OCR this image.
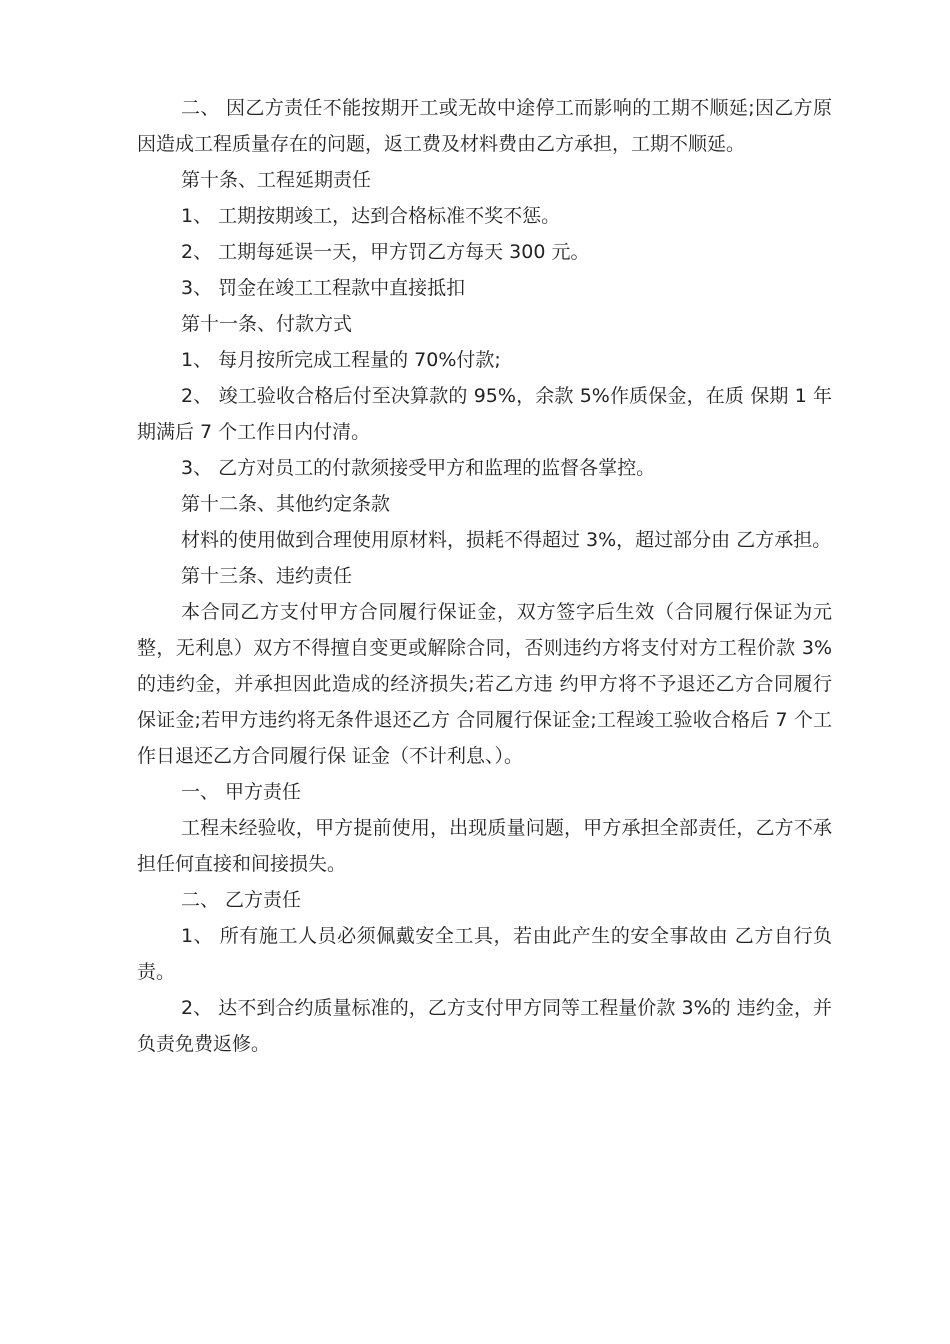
二、 因乙方责任不能按期开工或无故中途停工而影响的工期不顺延;因乙方原因造成工程质量存在的问题，返工费及材料费由乙方承担，工期不顺延。

第十条、工程延期责任

1、 工期按期竣工，达到合格标准不奖不惩。

2、 工期每延误一天，甲方罚乙方每天 300 元。

3、 罚金在竣工工程款中直接抵扣

第十一条、付款方式

1、 每月按所完成工程量的 70%付款;

2、 竣工验收合格后付至决算款的 95%，余款 5%作质保金，在质 保期 1 年期满后 7 个工作日内付清。

3、 乙方对员工的付款须接受甲方和监理的监督各掌控。

第十二条、其他约定条款

材料的使用做到合理使用原材料，损耗不得超过 3%，超过部分由 乙方承担。

第十三条、违约责任

本合同乙方支付甲方合同履行保证金，双方签字后生效（合同履行保证为元整，无利息）双方不得擅自变更或解除合同，否则违约方将支付对方工程价款 3%的违约金，并承担因此造成的经济损失;若乙方违 约甲方将不予退还乙方合同履行保证金;若甲方违约将无条件退还乙方 合同履行保证金;工程竣工验收合格后 7 个工作日退还乙方合同履行保 证金（不计利息、）。

一、 甲方责任

工程未经验收，甲方提前使用，出现质量问题，甲方承担全部责任，乙方不承担任何直接和间接损失。

二、 乙方责任

1、 所有施工人员必须佩戴安全工具，若由此产生的安全事故由 乙方自行负责。

2、 达不到合约质量标准的，乙方支付甲方同等工程量价款 3%的 违约金，并负责免费返修。
